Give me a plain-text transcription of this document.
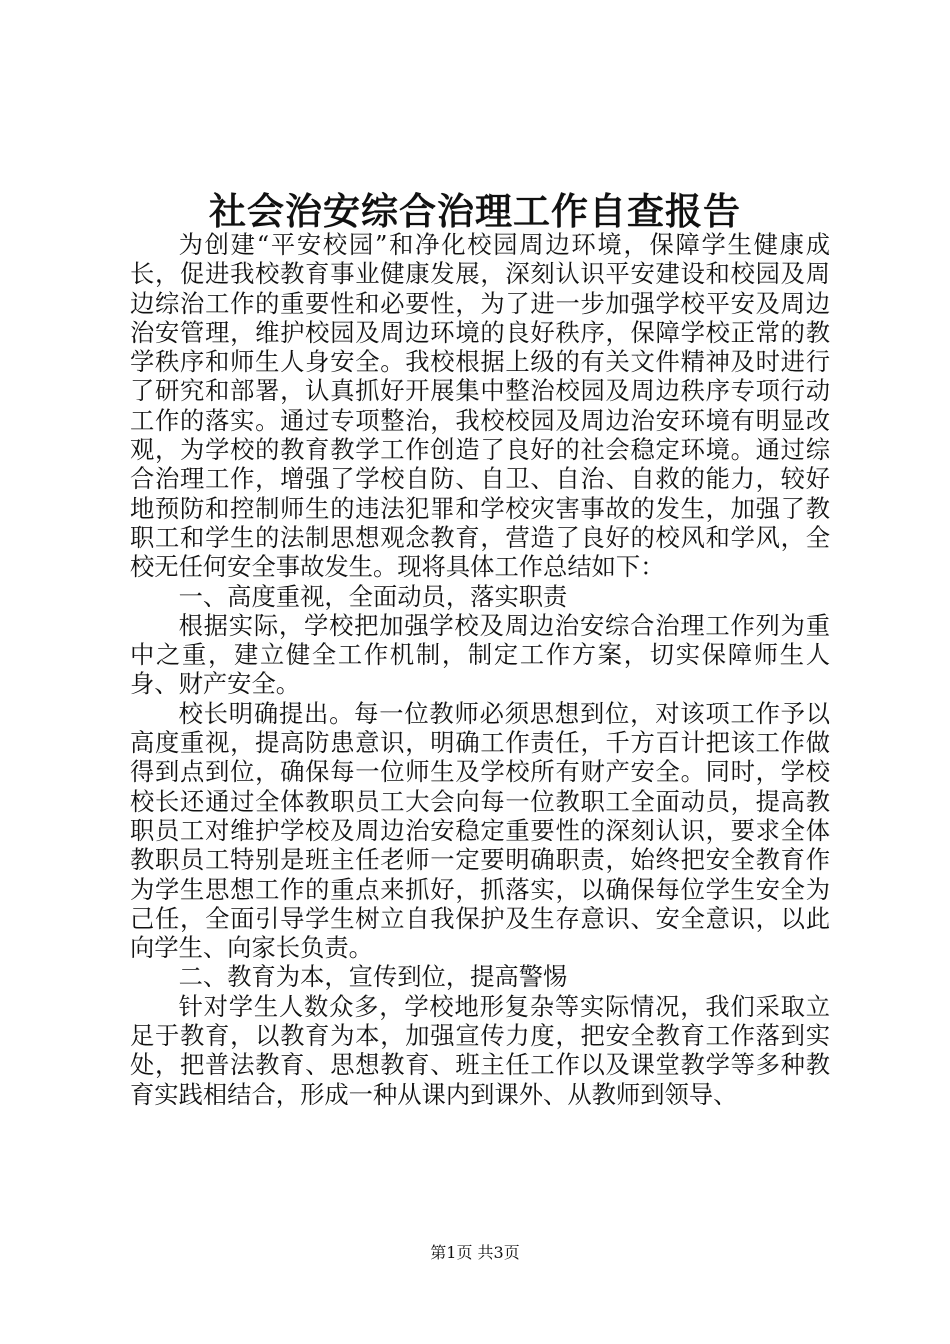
社会治安综合治理工作自查报告

为创建“平安校园”和净化校园周边环境，保障学生健康成长，促进我校教育事业健康发展，深刻认识平安建设和校园及周边综治工作的重要性和必要性，为了进一步加强学校平安及周边治安管理，维护校园及周边环境的良好秩序，保障学校正常的教学秩序和师生人身安全。我校根据上级的有关文件精神及时进行了研究和部署，认真抓好开展集中整治校园及周边秩序专项行动工作的落实。通过专项整治，我校校园及周边治安环境有明显改观，为学校的教育教学工作创造了良好的社会稳定环境。通过综合治理工作，增强了学校自防、自卫、自治、自救的能力，较好地预防和控制师生的违法犯罪和学校灾害事故的发生，加强了教职工和学生的法制思想观念教育，营造了良好的校风和学风，全校无任何安全事故发生。现将具体工作总结如下：

一、高度重视，全面动员，落实职责

根据实际，学校把加强学校及周边治安综合治理工作列为重中之重，建立健全工作机制，制定工作方案，切实保障师生人身、财产安全。

校长明确提出。每一位教师必须思想到位，对该项工作予以高度重视，提高防患意识，明确工作责任，千方百计把该工作做得到点到位，确保每一位师生及学校所有财产安全。同时，学校校长还通过全体教职员工大会向每一位教职工全面动员，提高教职员工对维护学校及周边治安稳定重要性的深刻认识，要求全体教职员工特别是班主任老师一定要明确职责，始终把安全教育作为学生思想工作的重点来抓好，抓落实，以确保每位学生安全为己任，全面引导学生树立自我保护及生存意识、安全意识，以此向学生、向家长负责。

二、教育为本，宣传到位，提高警惕

针对学生人数众多，学校地形复杂等实际情况，我们采取立足于教育，以教育为本，加强宣传力度，把安全教育工作落到实处，把普法教育、思想教育、班主任工作以及课堂教学等多种教育实践相结合，形成一种从课内到课外、从教师到领导、

第1页 共3页
